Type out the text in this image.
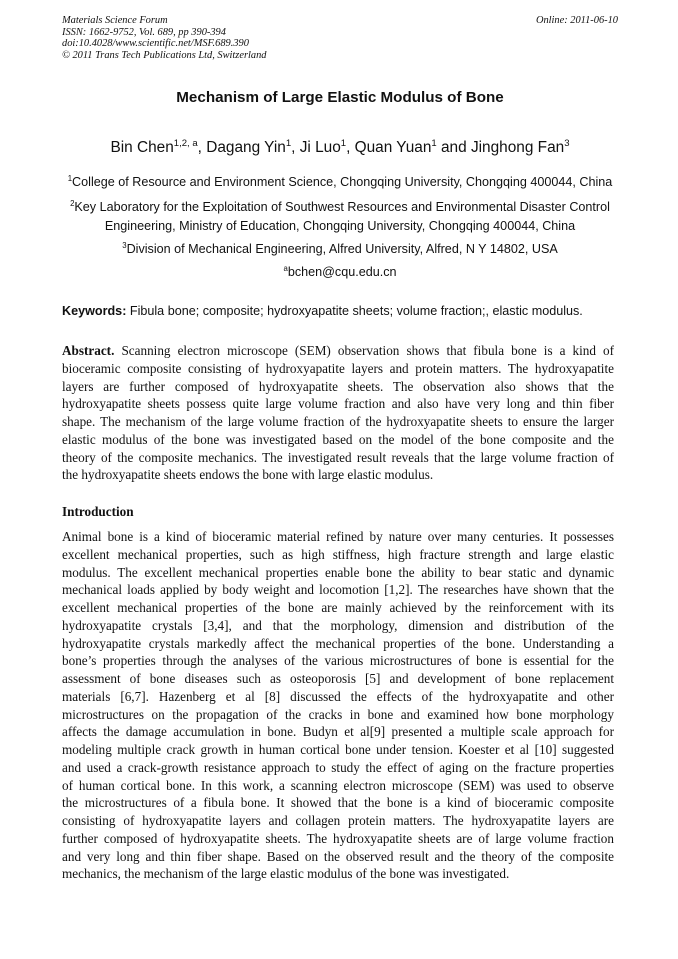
Materials Science Forum
ISSN: 1662-9752, Vol. 689, pp 390-394
doi:10.4028/www.scientific.net/MSF.689.390
© 2011 Trans Tech Publications Ltd, Switzerland
Online: 2011-06-10
Mechanism of Large Elastic Modulus of Bone
Bin Chen$^{1,2, a}$, Dagang Yin$^1$, Ji Luo$^1$, Quan Yuan$^1$ and Jinghong Fan$^3$
$^1$College of Resource and Environment Science, Chongqing University, Chongqing 400044, China
$^2$Key Laboratory for the Exploitation of Southwest Resources and Environmental Disaster Control
Engineering, Ministry of Education, Chongqing University, Chongqing 400044, China
$^3$Division of Mechanical Engineering, Alfred University, Alfred, N Y 14802, USA
$^a$bchen@cqu.edu.cn
Keywords: Fibula bone; composite; hydroxyapatite sheets; volume fraction;, elastic modulus.
Abstract. Scanning electron microscope (SEM) observation shows that fibula bone is a kind of
bioceramic composite consisting of hydroxyapatite layers and protein matters. The hydroxyapatite
layers are further composed of hydroxyapatite sheets. The observation also shows that the
hydroxyapatite sheets possess quite large volume fraction and also have very long and thin fiber
shape. The mechanism of the large volume fraction of the hydroxyapatite sheets to ensure the larger
elastic modulus of the bone was investigated based on the model of the bone composite and the
theory of the composite mechanics. The investigated result reveals that the large volume fraction of
the hydroxyapatite sheets endows the bone with large elastic modulus.
Introduction
Animal bone is a kind of bioceramic material refined by nature over many centuries. It possesses
excellent mechanical properties, such as high stiffness, high fracture strength and large elastic
modulus. The excellent mechanical properties enable bone the ability to bear static and dynamic
mechanical loads applied by body weight and locomotion [1,2]. The researches have shown that the
excellent mechanical properties of the bone are mainly achieved by the reinforcement with its
hydroxyapatite crystals [3,4], and that the morphology, dimension and distribution of the
hydroxyapatite crystals markedly affect the mechanical properties of the bone. Understanding a
bone’s properties through the analyses of the various microstructures of bone is essential for the
assessment of bone diseases such as osteoporosis [5] and development of bone replacement
materials [6,7]. Hazenberg et al [8] discussed the effects of the hydroxyapatite and other
microstructures on the propagation of the cracks in bone and examined how bone morphology
affects the damage accumulation in bone. Budyn et al[9] presented a multiple scale approach for
modeling multiple crack growth in human cortical bone under tension. Koester et al [10] suggested
and used a crack-growth resistance approach to study the effect of aging on the fracture properties
of human cortical bone. In this work, a scanning electron microscope (SEM) was used to observe
the microstructures of a fibula bone. It showed that the bone is a kind of bioceramic composite
consisting of hydroxyapatite layers and collagen protein matters. The hydroxyapatite layers are
further composed of hydroxyapatite sheets. The hydroxyapatite sheets are of large volume fraction
and very long and thin fiber shape. Based on the observed result and the theory of the composite
mechanics, the mechanism of the large elastic modulus of the bone was investigated.
